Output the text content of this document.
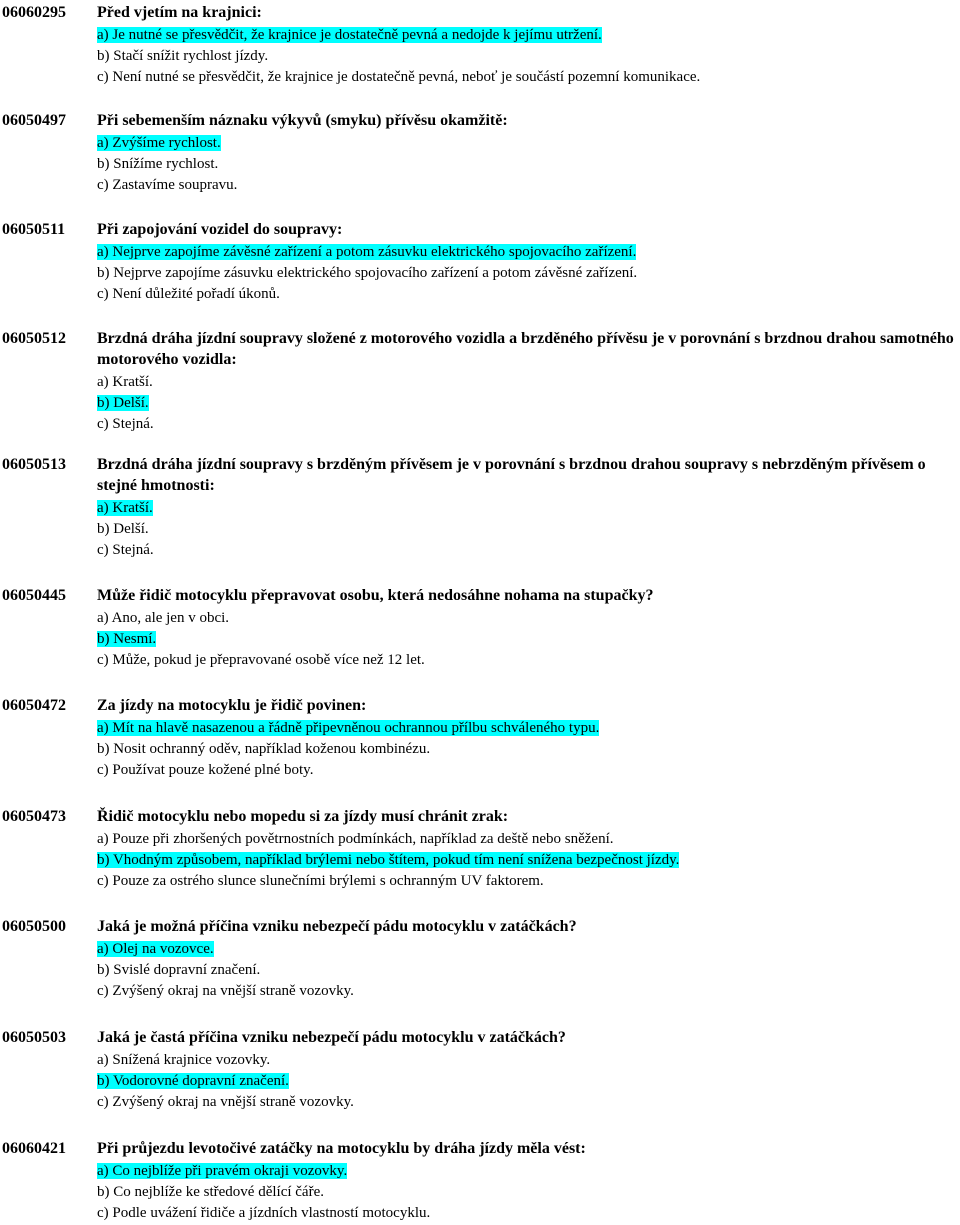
06060295 Před vjetím na krajnici:
a) Je nutné se přesvědčit, že krajnice je dostatečně pevná a nedojde k jejímu utržení.
b) Stačí snížit rychlost jízdy.
c) Není nutné se přesvědčit, že krajnice je dostatečně pevná, neboť je součástí pozemní komunikace.
06050497 Při sebemenším náznaku výkyvů (smyku) přívěsu okamžitě:
a) Zvýšíme rychlost.
b) Snížíme rychlost.
c) Zastavíme soupravu.
06050511 Při zapojování vozidel do soupravy:
a) Nejprve zapojíme závěsné zařízení a potom zásuvku elektrického spojovacího zařízení.
b) Nejprve zapojíme zásuvku elektrického spojovacího zařízení a potom závěsné zařízení.
c) Není důležité pořadí úkonů.
06050512 Brzdná dráha jízdní soupravy složené z motorového vozidla a brzděného přívěsu je v porovnání s brzdnou drahou samotného motorového vozidla:
a) Kratší.
b) Delší.
c) Stejná.
06050513 Brzdná dráha jízdní soupravy s brzděným přívěsem je v porovnání s brzdnou drahou soupravy s nebrzděným přívěsem o stejné hmotnosti:
a) Kratší.
b) Delší.
c) Stejná.
06050445 Může řidič motocyklu přepravovat osobu, která nedosáhne nohama na stupačky?
a) Ano, ale jen v obci.
b) Nesmí.
c) Může, pokud je přepravované osobě více než 12 let.
06050472 Za jízdy na motocyklu je řidič povinen:
a) Mít na hlavě nasazenou a řádně připevněnou ochrannou přílbu schváleného typu.
b) Nosit ochranný oděv, například koženou kombinézu.
c) Používat pouze kožené plné boty.
06050473 Řidič motocyklu nebo mopedu si za jízdy musí chránit zrak:
a) Pouze při zhoršených povětrnostních podmínkách, například za deště nebo sněžení.
b) Vhodným způsobem, například brýlemi nebo štítem, pokud tím není snížena bezpečnost jízdy.
c) Pouze za ostrého slunce slunečními brýlemi s ochranným UV faktorem.
06050500 Jaká je možná příčina vzniku nebezpečí pádu motocyklu v zatáčkách?
a) Olej na vozovce.
b) Svislé dopravní značení.
c) Zvýšený okraj na vnější straně vozovky.
06050503 Jaká je častá příčina vzniku nebezpečí pádu motocyklu v zatáčkách?
a) Snížená krajnice vozovky.
b) Vodorovné dopravní značení.
c) Zvýšený okraj na vnější straně vozovky.
06060421 Při průjezdu levotočivé zatáčky na motocyklu by dráha jízdy měla vést:
a) Co nejblíže při pravém okraji vozovky.
b) Co nejblíže ke středové dělící čáře.
c) Podle uvážení řidiče a jízdních vlastností motocyklu.
